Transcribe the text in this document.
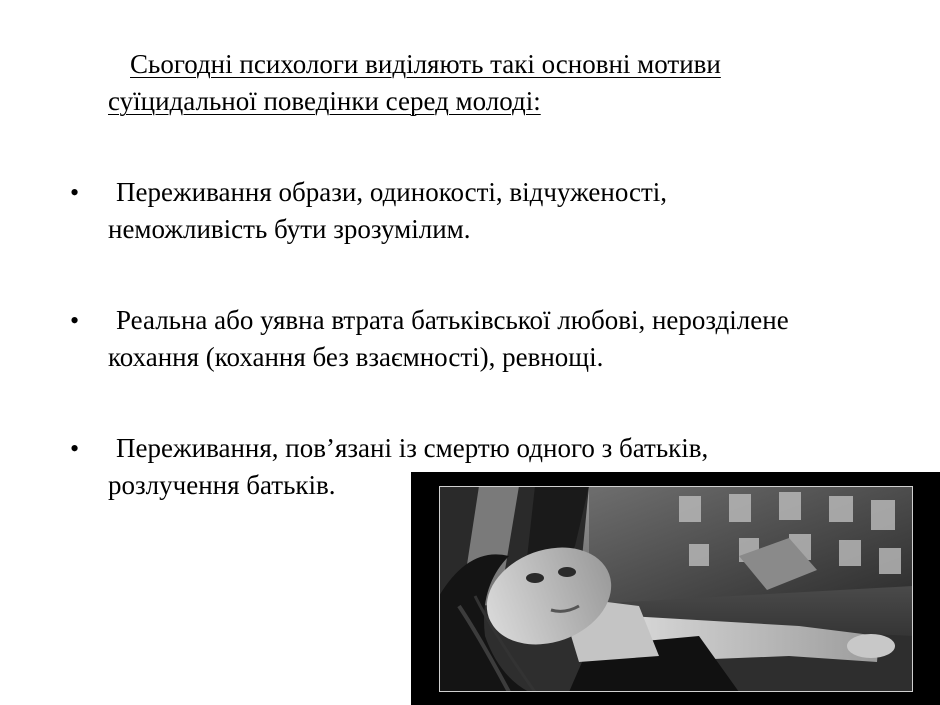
Сьогодні психологи виділяють такі основні мотиви
суїцидальної поведінки серед молоді:
• Переживання образи, одинокості, відчуженості,
неможливість бути зрозумілим.
• Реальна або уявна втрата батьківської любові, нерозділене
кохання (кохання без взаємності), ревнощі.
• Переживання, пов’язані із смертю одного з батьків,
розлучення батьків.
